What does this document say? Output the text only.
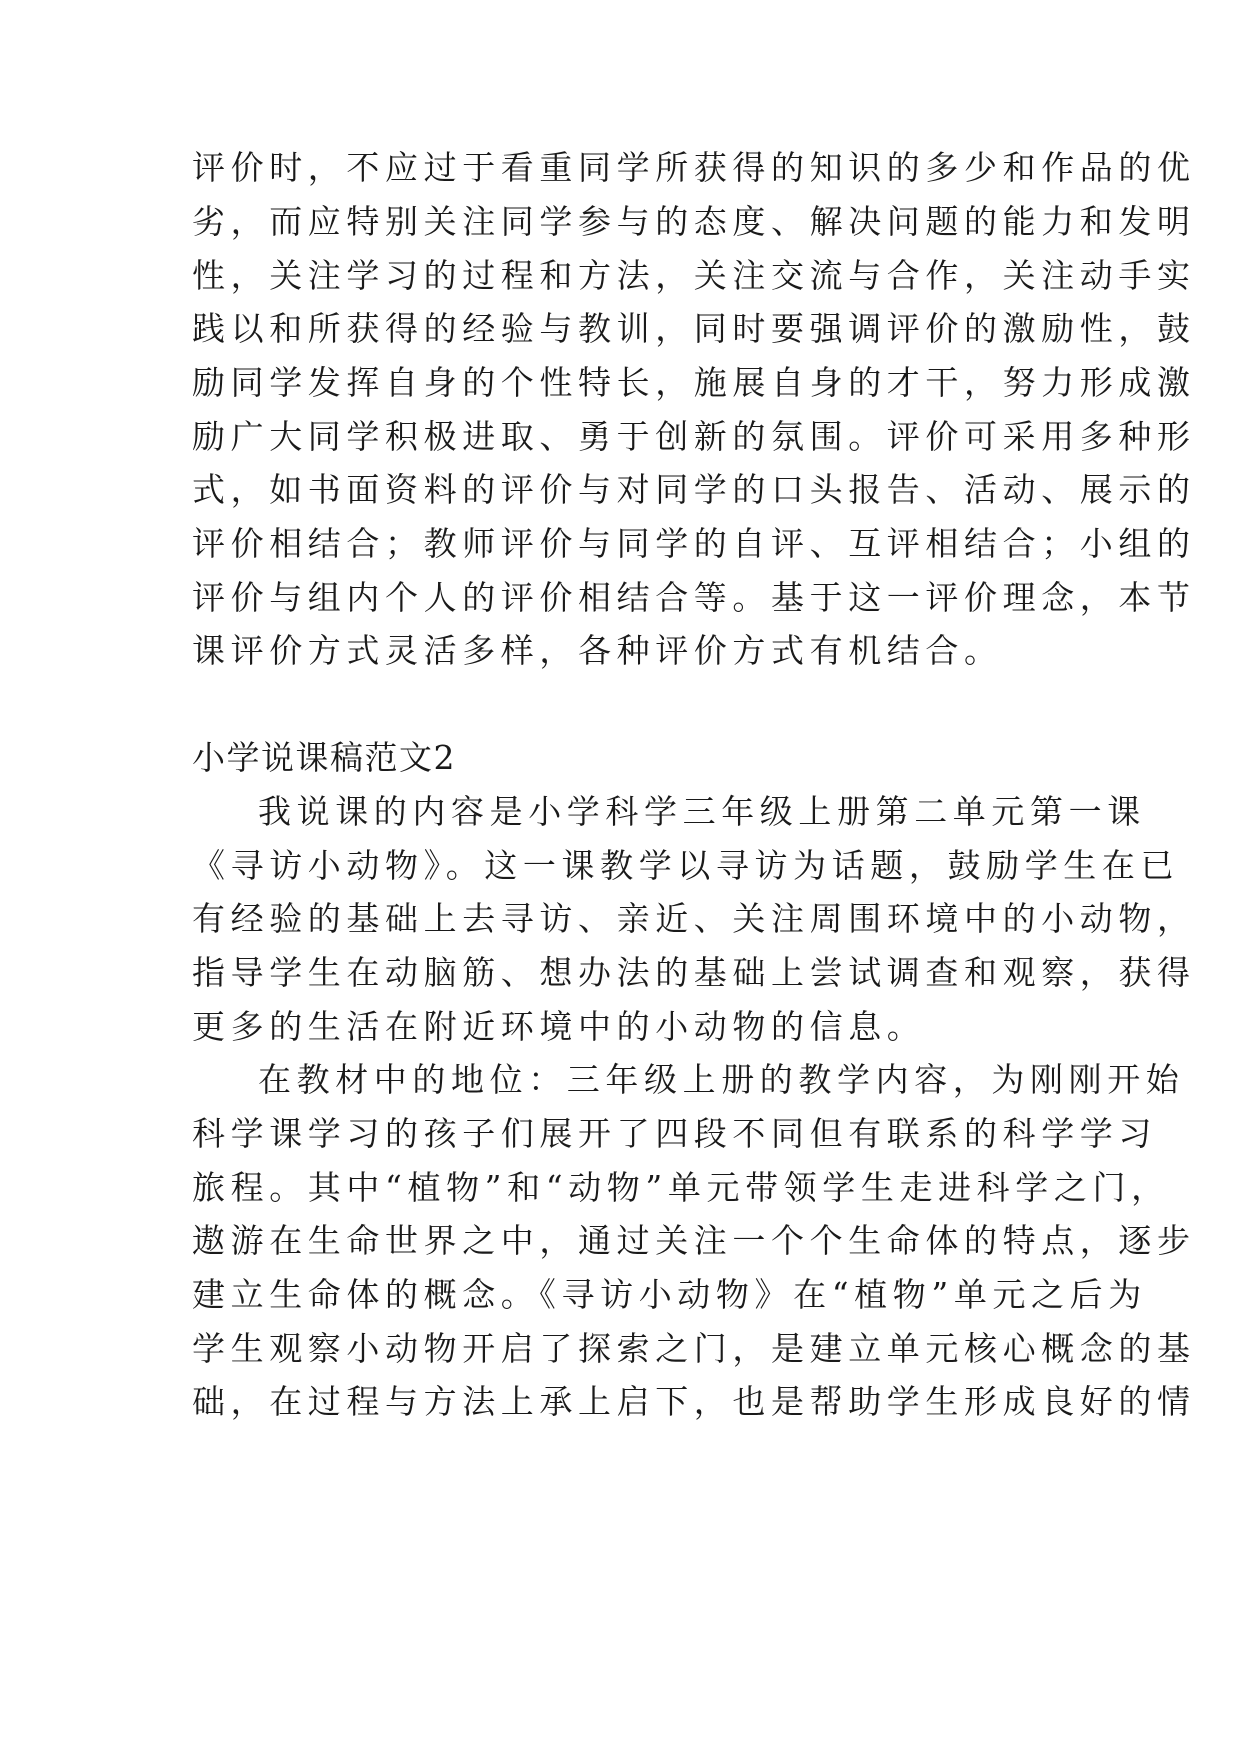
评价时，不应过于看重同学所获得的知识的多少和作品的优
劣，而应特别关注同学参与的态度、解决问题的能力和发明
性，关注学习的过程和方法，关注交流与合作，关注动手实
践以和所获得的经验与教训，同时要强调评价的激励性，鼓
励同学发挥自身的个性特长，施展自身的才干，努力形成激
励广大同学积极进取、勇于创新的氛围。评价可采用多种形
式，如书面资料的评价与对同学的口头报告、活动、展示的
评价相结合；教师评价与同学的自评、互评相结合；小组的
评价与组内个人的评价相结合等。基于这一评价理念，本节
课评价方式灵活多样，各种评价方式有机结合。
小学说课稿范文2
我说课的内容是小学科学三年级上册第二单元第一课
《寻访小动物》。这一课教学以寻访为话题，鼓励学生在已
有经验的基础上去寻访、亲近、关注周围环境中的小动物，
指导学生在动脑筋、想办法的基础上尝试调查和观察，获得
更多的生活在附近环境中的小动物的信息。
在教材中的地位：三年级上册的教学内容，为刚刚开始
科学课学习的孩子们展开了四段不同但有联系的科学学习
旅程。其中“植物”和“动物”单元带领学生走进科学之门，
遨游在生命世界之中，通过关注一个个生命体的特点，逐步
建立生命体的概念。《寻访小动物》在“植物”单元之后为
学生观察小动物开启了探索之门，是建立单元核心概念的基
础，在过程与方法上承上启下，也是帮助学生形成良好的情
